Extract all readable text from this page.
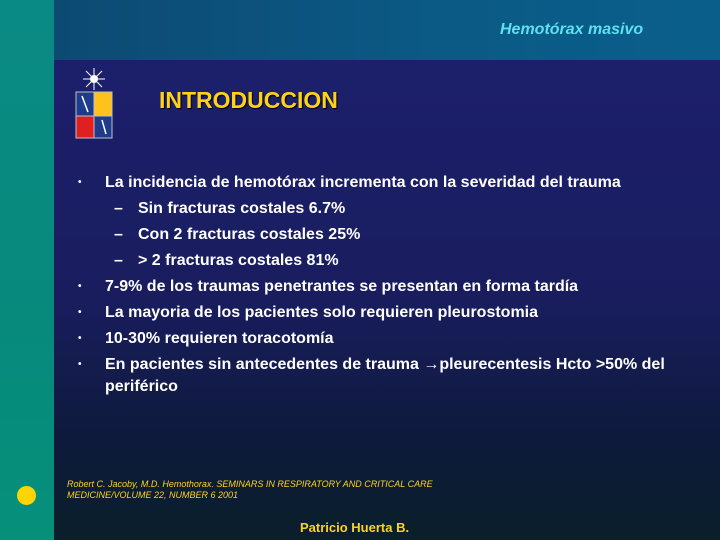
Hemotórax masivo
INTRODUCCION
•	La incidencia de hemotórax incrementa con la severidad del trauma
– Sin fracturas costales 6.7%
– Con 2 fracturas costales 25%
– > 2 fracturas costales 81%
•	7-9% de los traumas penetrantes se presentan en forma tardía
•	La mayoria de los pacientes solo requieren pleurostomia
•	10-30% requieren toracotomía
•	En pacientes sin antecedentes de trauma →pleurecentesis Hcto >50% del periférico
Robert C. Jacoby, M.D. Hemothorax. SEMINARS IN RESPIRATORY AND CRITICAL CARE MEDICINE/VOLUME 22, NUMBER 6 2001
Patricio Huerta B.
